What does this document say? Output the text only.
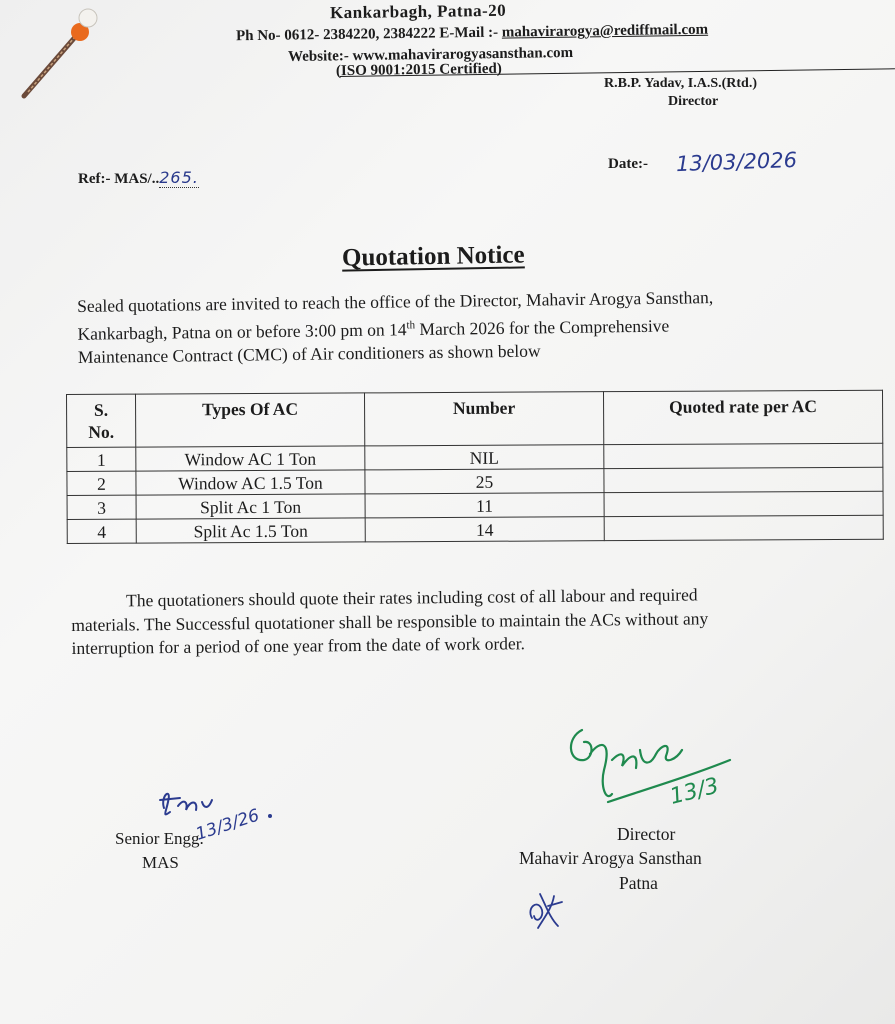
Kankarbagh, Patna-20
Ph No- 0612- 2384220, 2384222 E-Mail :- mahavirarogya@rediffmail.com
Website:- www.mahavirarogyasansthan.com
(ISO 9001:2015 Certified)
R.B.P. Yadav, I.A.S.(Rtd.)
Director
Ref:- MAS/..265.
Date:- 13/03/2026
Quotation Notice
Sealed quotations are invited to reach the office of the Director, Mahavir Arogya Sansthan,
Kankarbagh, Patna on or before 3:00 pm on 14th March 2026 for the Comprehensive
Maintenance Contract (CMC) of Air conditioners as shown below
S.
No.	Types Of AC	Number	Quoted rate per AC
1	Window AC 1 Ton	NIL	
2	Window AC 1.5 Ton	25	
3	Split Ac 1 Ton	11	
4	Split Ac 1.5 Ton	14	
The quotationers should quote their rates including cost of all labour and required
materials. The Successful quotationer shall be responsible to maintain the ACs without any
interruption for a period of one year from the date of work order.
13/3/26
Senior Engg.
MAS
13/3
Director
Mahavir Arogya Sansthan
Patna
